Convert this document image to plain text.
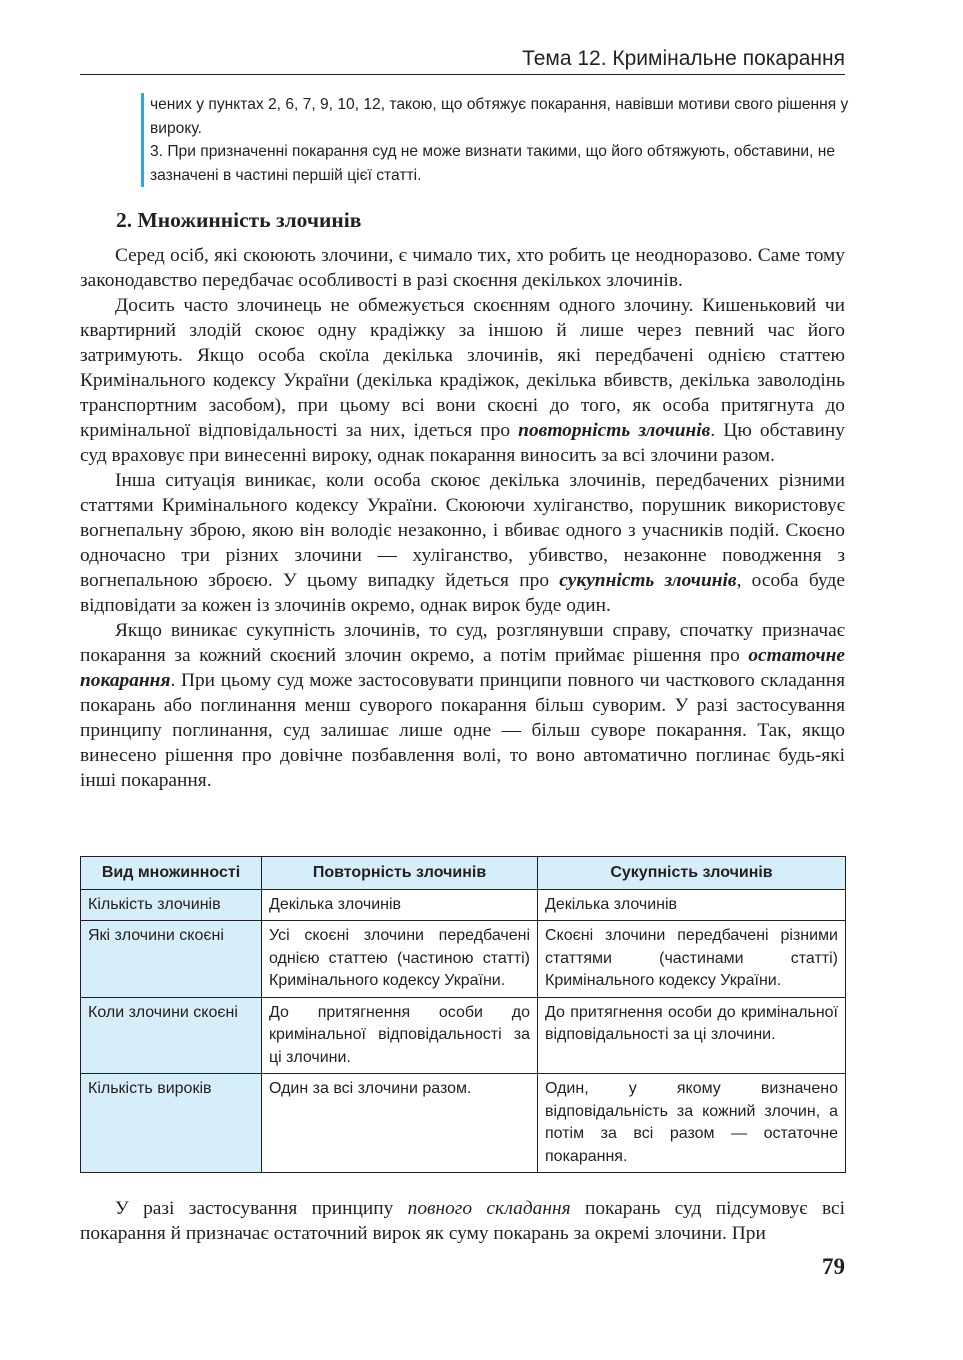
Тема 12. Кримінальне покарання

чених у пунктах 2, 6, 7, 9, 10, 12, такою, що обтяжує покарання, навівши мотиви свого рішення у вироку.

3. При призначенні покарання суд не може визнати такими, що його обтяжують, обставини, не зазначені в частині першій цієї статті.

2. Множинність злочинів

Серед осіб, які скоюють злочини, є чимало тих, хто робить це неодноразово. Саме тому законодавство передбачає особливості в разі скоєння декількох злочинів.

Досить часто злочинець не обмежується скоєнням одного злочину. Кишеньковий чи квартирний злодій скоює одну крадіжку за іншою й лише через певний час його затримують. Якщо особа скоїла декілька злочинів, які передбачені однією статтею Кримінального кодексу України (декілька крадіжок, декілька вбивств, декілька заволодінь транспортним засобом), при цьому всі вони скоєні до того, як особа притягнута до кримінальної відповідальності за них, ідеться про повторність злочинів. Цю обставину суд враховує при винесенні вироку, однак покарання виносить за всі злочини разом.

Інша ситуація виникає, коли особа скоює декілька злочинів, передбачених різними статтями Кримінального кодексу України. Скоюючи хуліганство, порушник використовує вогнепальну зброю, якою він володіє незаконно, і вбиває одного з учасників подій. Скоєно одночасно три різних злочини — хуліганство, убивство, незаконне поводження з вогнепальною зброєю. У цьому випадку йдеться про сукупність злочинів, особа буде відповідати за кожен із злочинів окремо, однак вирок буде один.

Якщо виникає сукупність злочинів, то суд, розглянувши справу, спочатку призначає покарання за кожний скоєний злочин окремо, а потім приймає рішення про остаточне покарання. При цьому суд може застосовувати принципи повного чи часткового складання покарань або поглинання менш суворого покарання більш суворим. У разі застосування принципу поглинання, суд залишає лише одне — більш суворе покарання. Так, якщо винесено рішення про довічне позбавлення волі, то воно автоматично поглинає будь-які інші покарання.

Вид множинності	Повторність злочинів	Сукупність злочинів
Кількість злочинів	Декілька злочинів	Декілька злочинів
Які злочини скоєні	Усі скоєні злочини передбачені однією статтею (частиною статті) Кримінального кодексу України.	Скоєні злочини передбачені різними статтями (частинами статті) Кримінального кодексу України.
Коли злочини скоєні	До притягнення особи до кримінальної відповідальності за ці злочини.	До притягнення особи до кримінальної відповідальності за ці злочини.
Кількість вироків	Один за всі злочини разом.	Один, у якому визначено відповідальність за кожний злочин, а потім за всі разом — остаточне покарання.

У разі застосування принципу повного складання покарань суд підсумовує всі покарання й призначає остаточний вирок як суму покарань за окремі злочини. При

79
